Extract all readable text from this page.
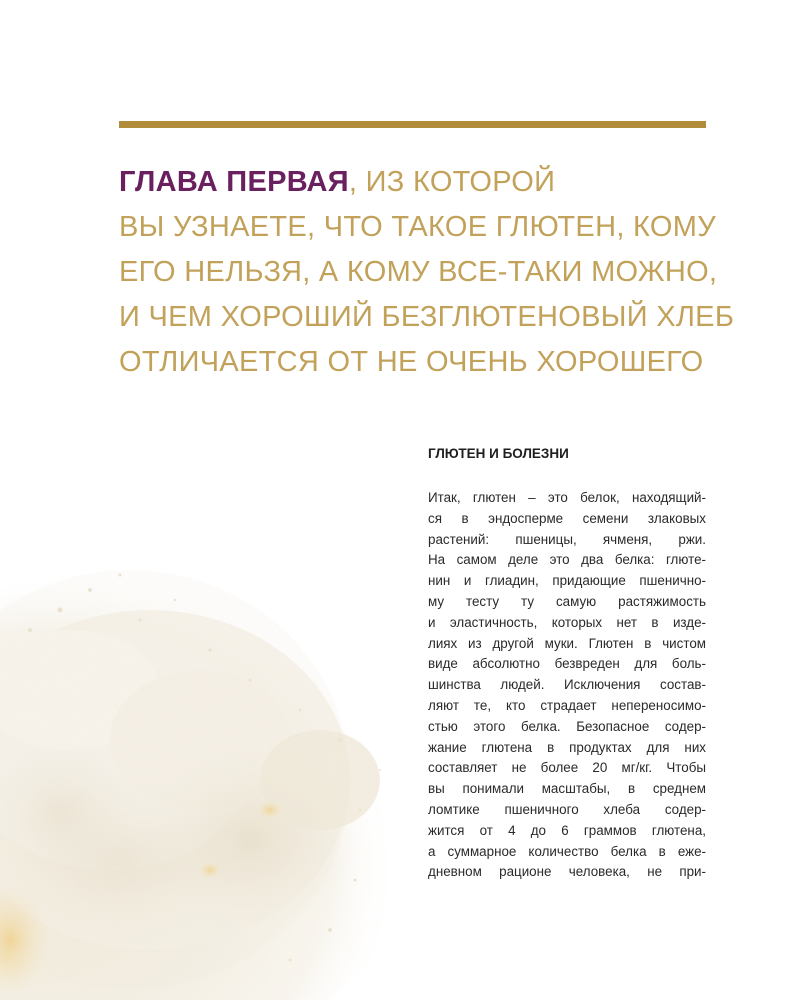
ГЛАВА ПЕРВАЯ, ИЗ КОТОРОЙ
ВЫ УЗНАЕТЕ, ЧТО ТАКОЕ ГЛЮТЕН, КОМУ
ЕГО НЕЛЬЗЯ, А КОМУ ВСЕ-ТАКИ МОЖНО,
И ЧЕМ ХОРОШИЙ БЕЗГЛЮТЕНОВЫЙ ХЛЕБ
ОТЛИЧАЕТСЯ ОТ НЕ ОЧЕНЬ ХОРОШЕГО
ГЛЮТЕН И БОЛЕЗНИ
Итак, глютен – это белок, находящий-
ся в эндосперме семени злаковых
растений: пшеницы, ячменя, ржи.
На самом деле это два белка: глюте-
нин и глиадин, придающие пшенично-
му тесту ту самую растяжимость
и эластичность, которых нет в изде-
лиях из другой муки. Глютен в чистом
виде абсолютно безвреден для боль-
шинства людей. Исключения состав-
ляют те, кто страдает непереносимо-
стью этого белка. Безопасное содер-
жание глютена в продуктах для них
составляет не более 20 мг/кг. Чтобы
вы понимали масштабы, в среднем
ломтике пшеничного хлеба содер-
жится от 4 до 6 граммов глютена,
а суммарное количество белка в еже-
дневном рационе человека, не при-
